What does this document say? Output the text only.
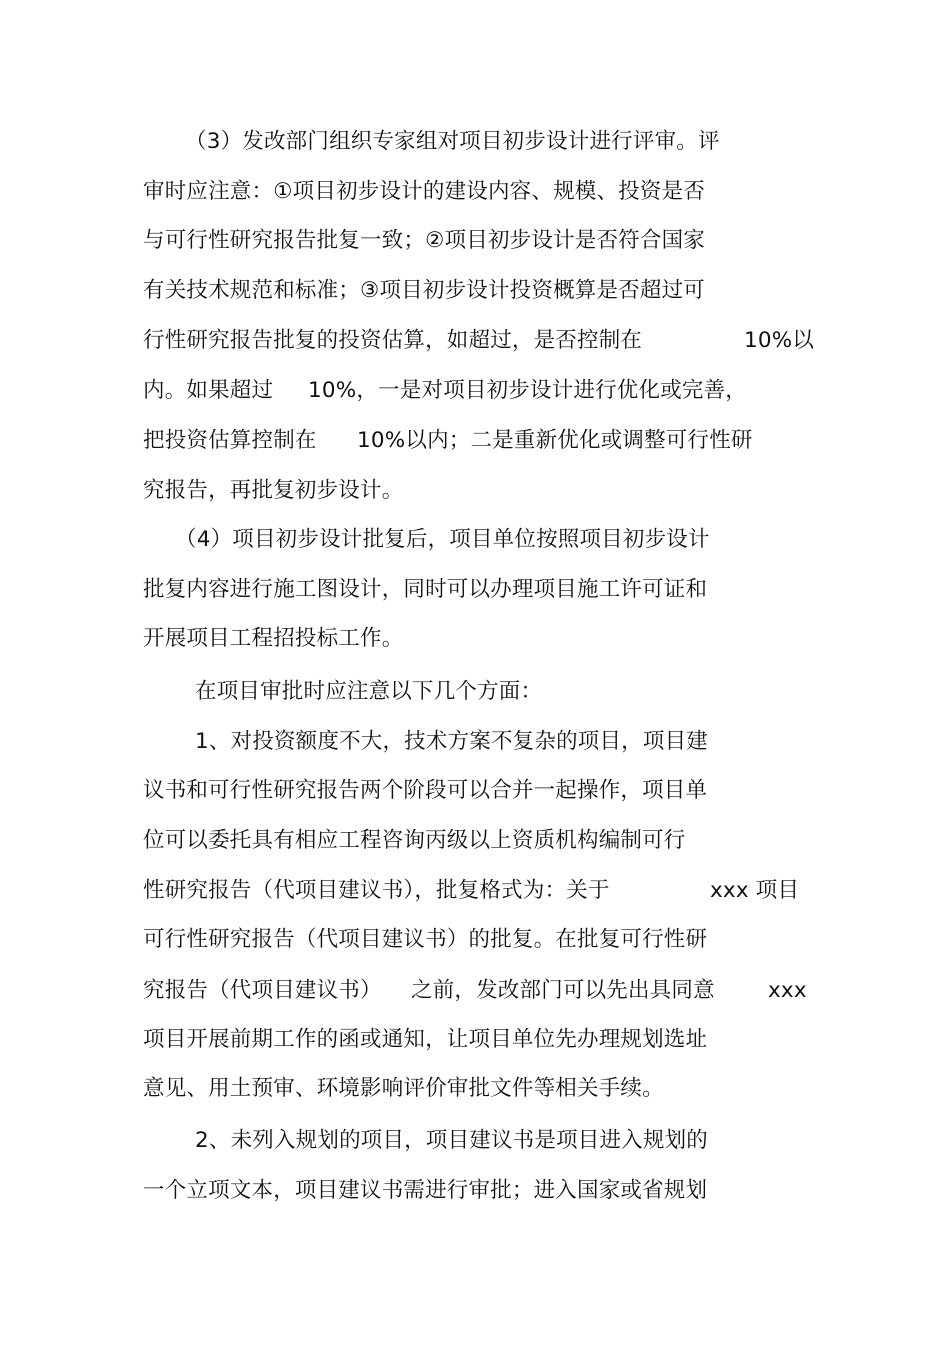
（3）发改部门组织专家组对项目初步设计进行评审。评

审时应注意：①项目初步设计的建设内容、规模、投资是否

与可行性研究报告批复一致；②项目初步设计是否符合国家

有关技术规范和标准；③项目初步设计投资概算是否超过可

行性研究报告批复的投资估算，如超过，是否控制在

	10%以

内。如果超过

10%，一是对项目初步设计进行优化或完善，

把投资估算控制在

10%以内；二是重新优化或调整可行性研

究报告，再批复初步设计。

（4）项目初步设计批复后，项目单位按照项目初步设计

批复内容进行施工图设计，同时可以办理项目施工许可证和

开展项目工程招投标工作。

在项目审批时应注意以下几个方面：

1、对投资额度不大，技术方案不复杂的项目，项目建

议书和可行性研究报告两个阶段可以合并一起操作，项目单

位可以委托具有相应工程咨询丙级以上资质机构编制可行

性研究报告（代项目建议书），批复格式为：关于

	xxx 项目

可行性研究报告（代项目建议书）的批复。在批复可行性研

究报告（代项目建议书）

之前，发改部门可以先出具同意

xxx

项目开展前期工作的函或通知，让项目单位先办理规划选址

意见、用土预审、环境影响评价审批文件等相关手续。

2、未列入规划的项目，项目建议书是项目进入规划的

一个立项文本，项目建议书需进行审批；进入国家或省规划
